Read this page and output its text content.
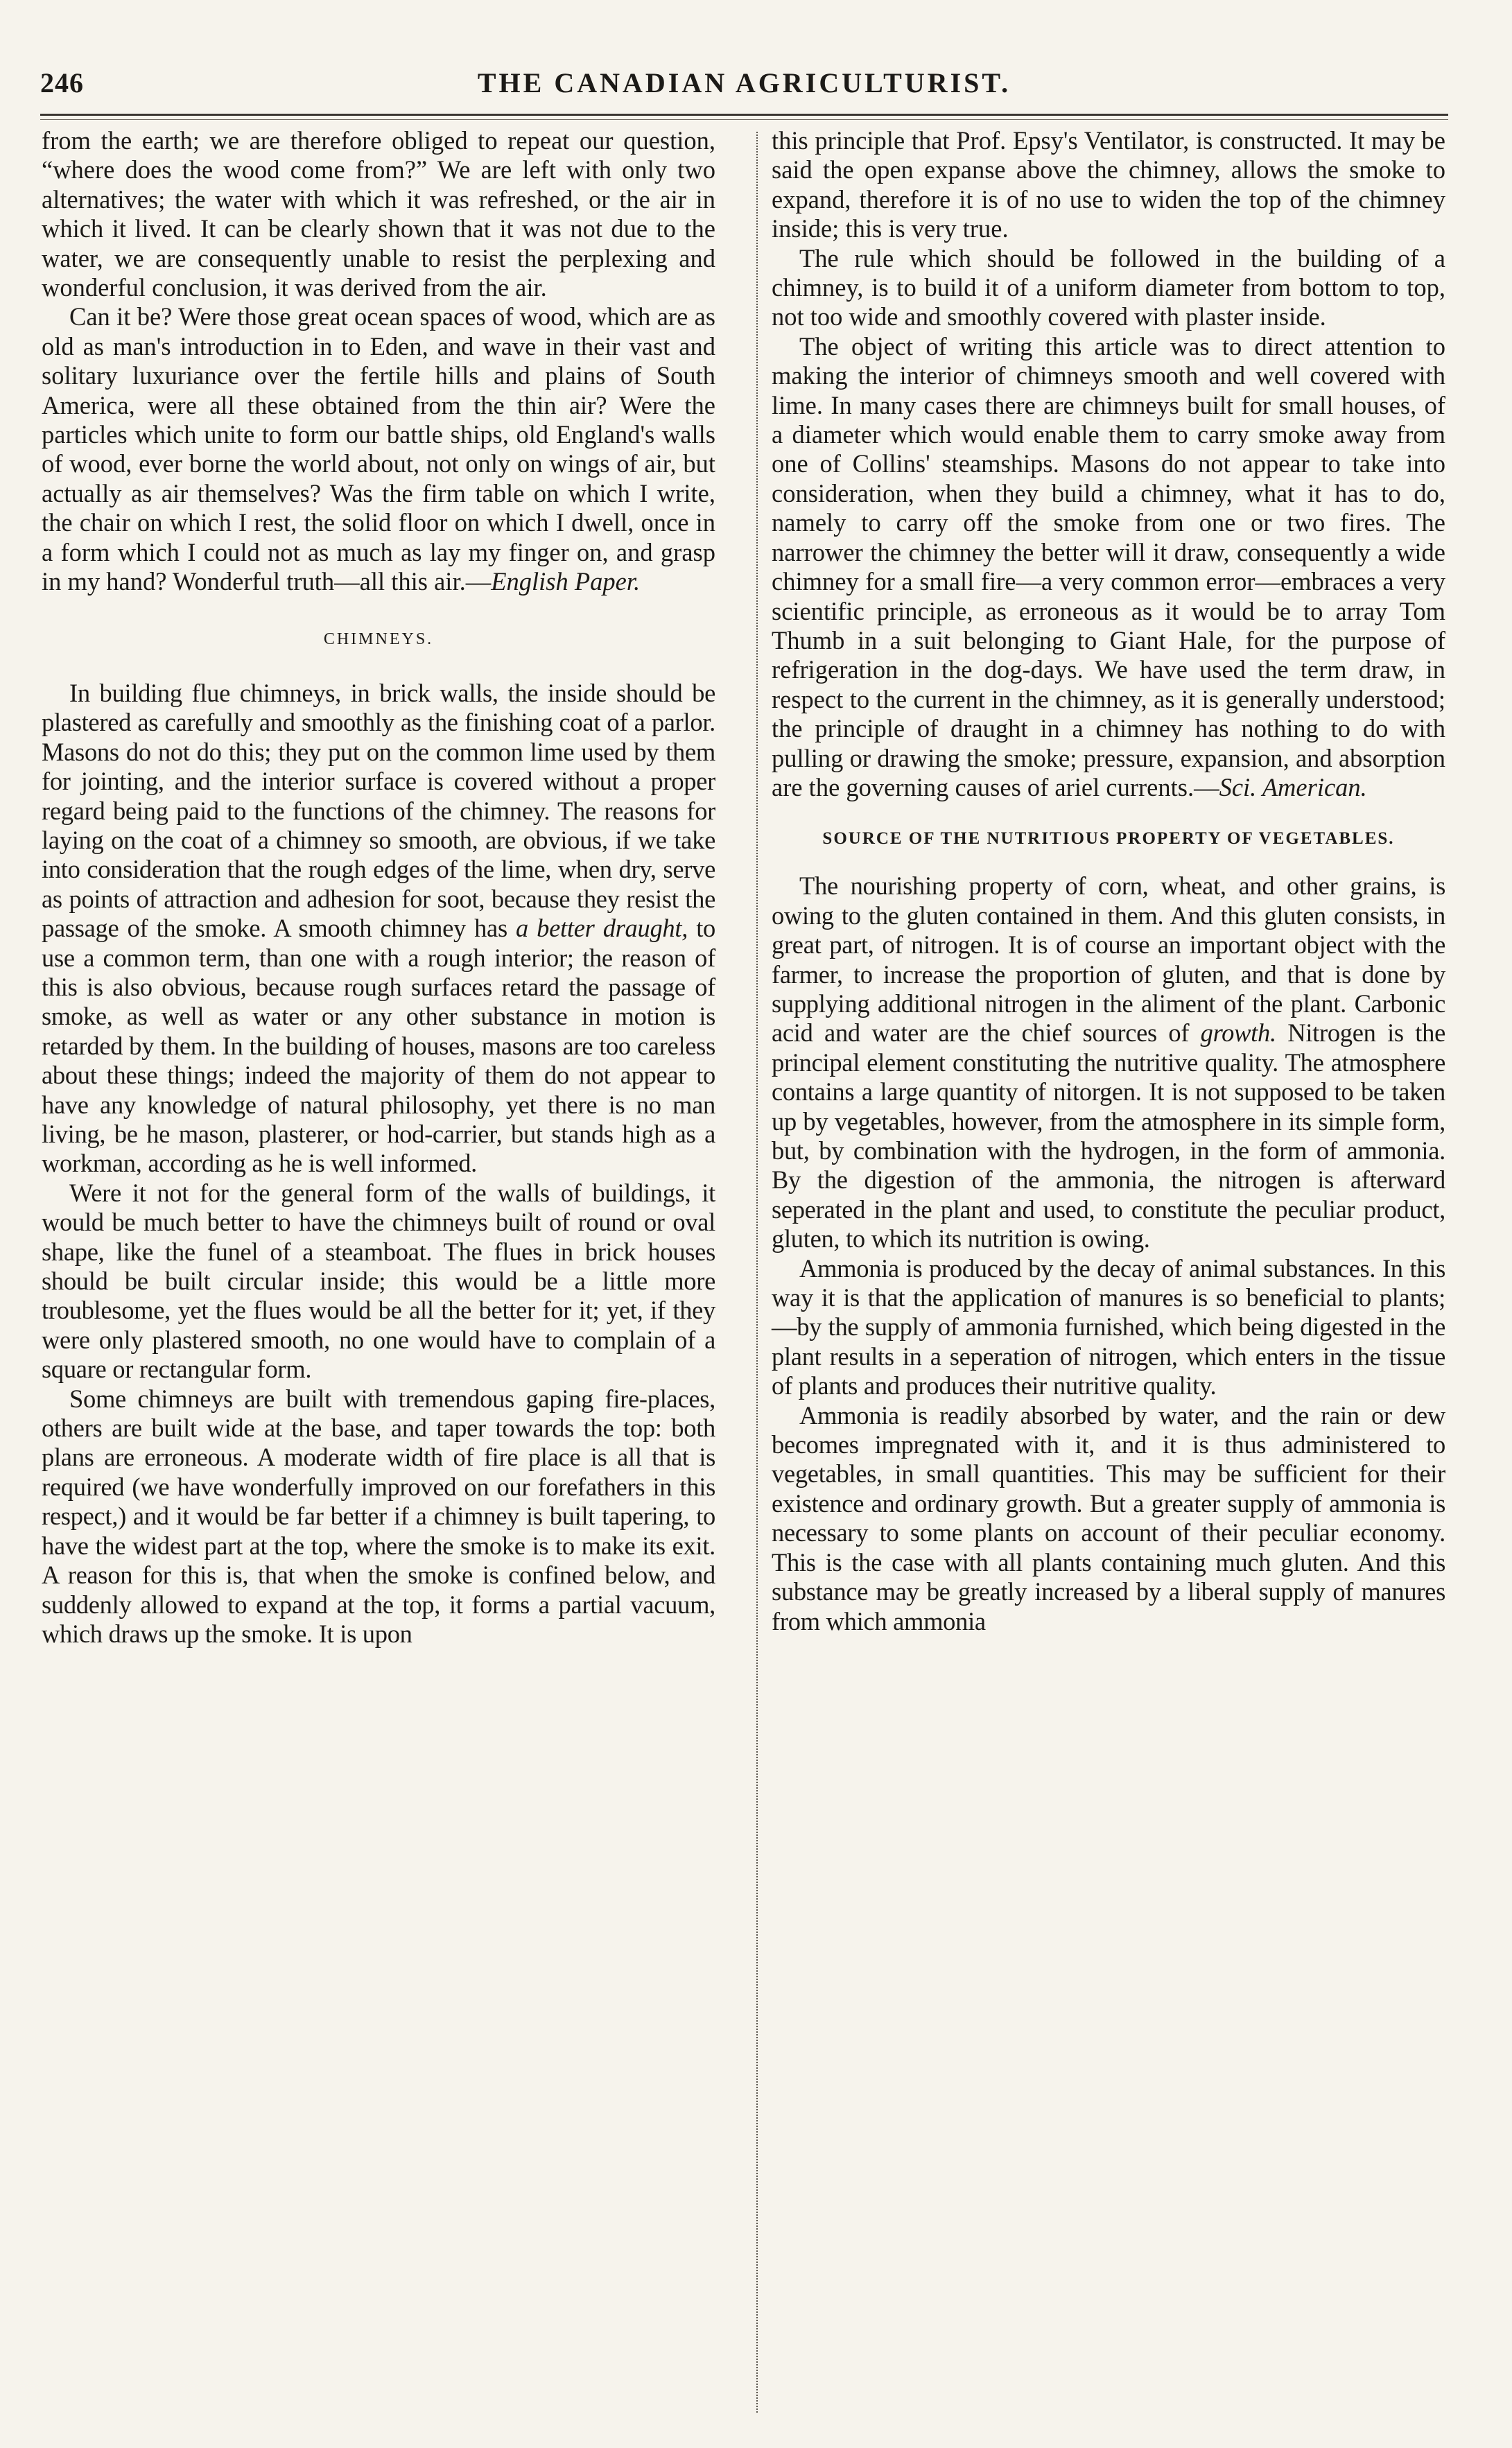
246	THE CANADIAN AGRICULTURIST.

from the earth; we are therefore obliged to repeat our question, “where does the wood come from?” We are left with only two alternatives; the water with which it was refreshed, or the air in which it lived. It can be clearly shown that it was not due to the water, we are consequently unable to resist the perplexing and wonderful conclusion, it was derived from the air.

Can it be? Were those great ocean spaces of wood, which are as old as man's introduction in to Eden, and wave in their vast and solitary luxuriance over the fertile hills and plains of South America, were all these obtained from the thin air? Were the particles which unite to form our battle ships, old England's walls of wood, ever borne the world about, not only on wings of air, but actually as air themselves? Was the firm table on which I write, the chair on which I rest, the solid floor on which I dwell, once in a form which I could not as much as lay my finger on, and grasp in my hand? Wonderful truth—all this air.—English Paper.

CHIMNEYS.

In building flue chimneys, in brick walls, the inside should be plastered as carefully and smoothly as the finishing coat of a parlor. Masons do not do this; they put on the common lime used by them for jointing, and the interior surface is covered without a proper regard being paid to the functions of the chimney. The reasons for laying on the coat of a chimney so smooth, are obvious, if we take into consideration that the rough edges of the lime, when dry, serve as points of attraction and adhesion for soot, because they resist the passage of the smoke. A smooth chimney has a better draught, to use a common term, than one with a rough interior; the reason of this is also obvious, because rough surfaces retard the passage of smoke, as well as water or any other substance in motion is retarded by them. In the building of houses, masons are too careless about these things; indeed the majority of them do not appear to have any knowledge of natural philosophy, yet there is no man living, be he mason, plasterer, or hod-carrier, but stands high as a workman, according as he is well informed.

Were it not for the general form of the walls of buildings, it would be much better to have the chimneys built of round or oval shape, like the funel of a steamboat. The flues in brick houses should be built circular inside; this would be a little more troublesome, yet the flues would be all the better for it; yet, if they were only plastered smooth, no one would have to complain of a square or rectangular form.

Some chimneys are built with tremendous gaping fire-places, others are built wide at the base, and taper towards the top: both plans are erroneous. A moderate width of fire place is all that is required (we have wonderfully improved on our forefathers in this respect,) and it would be far better if a chimney is built tapering, to have the widest part at the top, where the smoke is to make its exit. A reason for this is, that when the smoke is confined below, and suddenly allowed to expand at the top, it forms a partial vacuum, which draws up the smoke. It is upon

this principle that Prof. Epsy's Ventilator, is constructed. It may be said the open expanse above the chimney, allows the smoke to expand, therefore it is of no use to widen the top of the chimney inside; this is very true.

The rule which should be followed in the building of a chimney, is to build it of a uniform diameter from bottom to top, not too wide and smoothly covered with plaster inside.

The object of writing this article was to direct attention to making the interior of chimneys smooth and well covered with lime. In many cases there are chimneys built for small houses, of a diameter which would enable them to carry smoke away from one of Collins' steamships. Masons do not appear to take into consideration, when they build a chimney, what it has to do, namely to carry off the smoke from one or two fires. The narrower the chimney the better will it draw, consequently a wide chimney for a small fire—a very common error—embraces a very scientific principle, as erroneous as it would be to array Tom Thumb in a suit belonging to Giant Hale, for the purpose of refrigeration in the dog-days. We have used the term draw, in respect to the current in the chimney, as it is generally understood; the principle of draught in a chimney has nothing to do with pulling or drawing the smoke; pressure, expansion, and absorption are the governing causes of ariel currents.—Sci. American.

SOURCE OF THE NUTRITIOUS PROPERTY OF VEGETABLES.

The nourishing property of corn, wheat, and other grains, is owing to the gluten contained in them. And this gluten consists, in great part, of nitrogen. It is of course an important object with the farmer, to increase the proportion of gluten, and that is done by supplying additional nitrogen in the aliment of the plant. Carbonic acid and water are the chief sources of growth. Nitrogen is the principal element constituting the nutritive quality. The atmosphere contains a large quantity of nitorgen. It is not supposed to be taken up by vegetables, however, from the atmosphere in its simple form, but, by combination with the hydrogen, in the form of ammonia. By the digestion of the ammonia, the nitrogen is afterward seperated in the plant and used, to constitute the peculiar product, gluten, to which its nutrition is owing.

Ammonia is produced by the decay of animal substances. In this way it is that the application of manures is so beneficial to plants;—by the supply of ammonia furnished, which being digested in the plant results in a seperation of nitrogen, which enters in the tissue of plants and produces their nutritive quality.

Ammonia is readily absorbed by water, and the rain or dew becomes impregnated with it, and it is thus administered to vegetables, in small quantities. This may be sufficient for their existence and ordinary growth. But a greater supply of ammonia is necessary to some plants on account of their peculiar economy. This is the case with all plants containing much gluten. And this substance may be greatly increased by a liberal supply of manures from which ammonia
